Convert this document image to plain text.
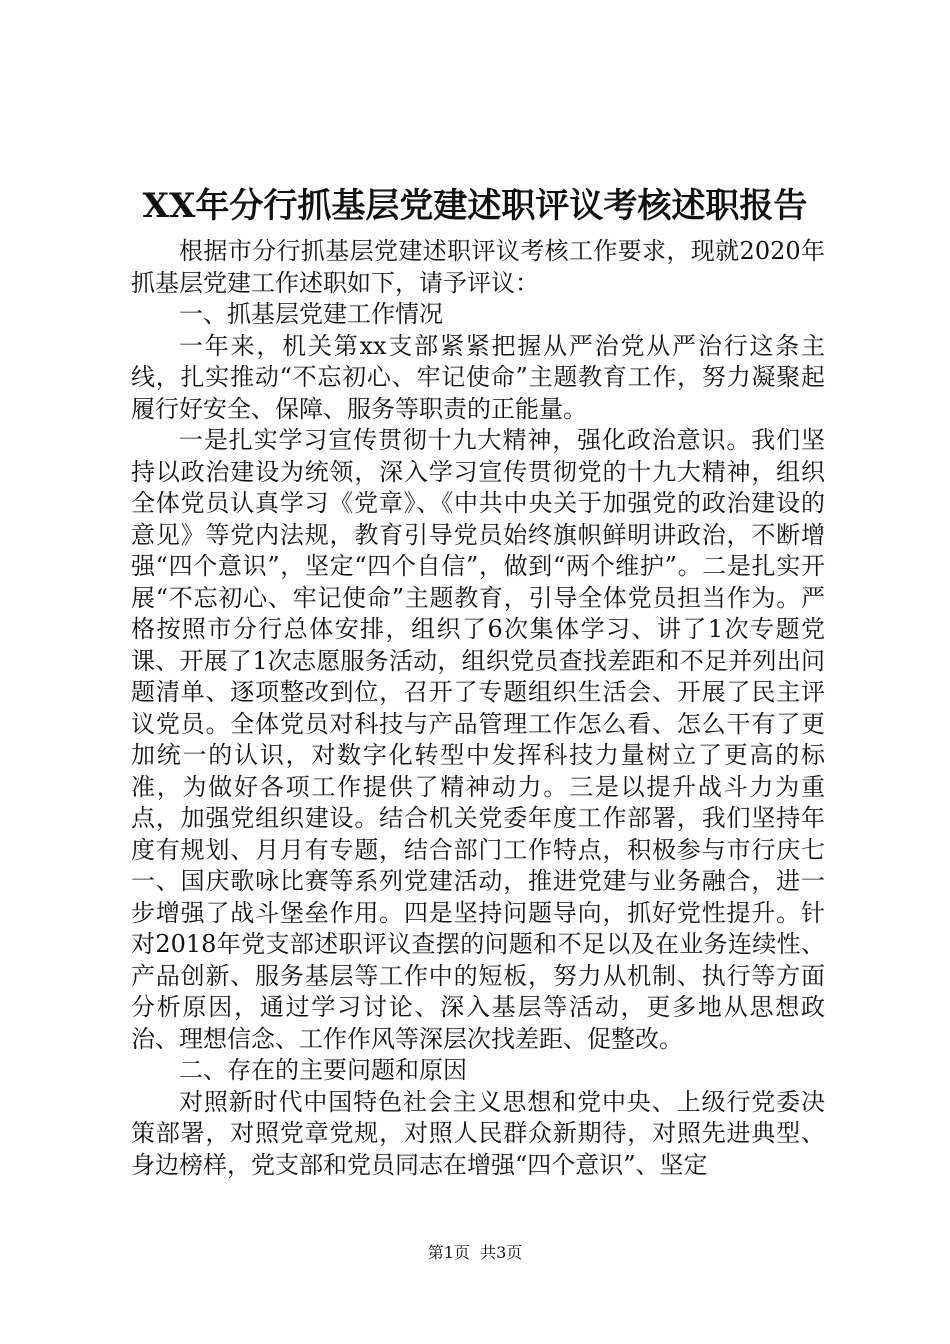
XX年分行抓基层党建述职评议考核述职报告

根据市分行抓基层党建述职评议考核工作要求，现就2020年抓基层党建工作述职如下，请予评议：

一、抓基层党建工作情况

一年来，机关第xx支部紧紧把握从严治党从严治行这条主线，扎实推动“不忘初心、牢记使命”主题教育工作，努力凝聚起履行好安全、保障、服务等职责的正能量。

一是扎实学习宣传贯彻十九大精神，强化政治意识。我们坚持以政治建设为统领，深入学习宣传贯彻党的十九大精神，组织全体党员认真学习《党章》、《中共中央关于加强党的政治建设的意见》等党内法规，教育引导党员始终旗帜鲜明讲政治，不断增强“四个意识”，坚定“四个自信”，做到“两个维护”。二是扎实开展“不忘初心、牢记使命”主题教育，引导全体党员担当作为。严格按照市分行总体安排，组织了6次集体学习、讲了1次专题党课、开展了1次志愿服务活动，组织党员查找差距和不足并列出问题清单、逐项整改到位，召开了专题组织生活会、开展了民主评议党员。全体党员对科技与产品管理工作怎么看、怎么干有了更加统一的认识，对数字化转型中发挥科技力量树立了更高的标准，为做好各项工作提供了精神动力。三是以提升战斗力为重点，加强党组织建设。结合机关党委年度工作部署，我们坚持年度有规划、月月有专题，结合部门工作特点，积极参与市行庆七一、国庆歌咏比赛等系列党建活动，推进党建与业务融合，进一步增强了战斗堡垒作用。四是坚持问题导向，抓好党性提升。针对2018年党支部述职评议查摆的问题和不足以及在业务连续性、产品创新、服务基层等工作中的短板，努力从机制、执行等方面分析原因，通过学习讨论、深入基层等活动，更多地从思想政治、理想信念、工作作风等深层次找差距、促整改。

二、存在的主要问题和原因

对照新时代中国特色社会主义思想和党中央、上级行党委决策部署，对照党章党规，对照人民群众新期待，对照先进典型、身边榜样，党支部和党员同志在增强“四个意识”、坚定

第1页  共3页
